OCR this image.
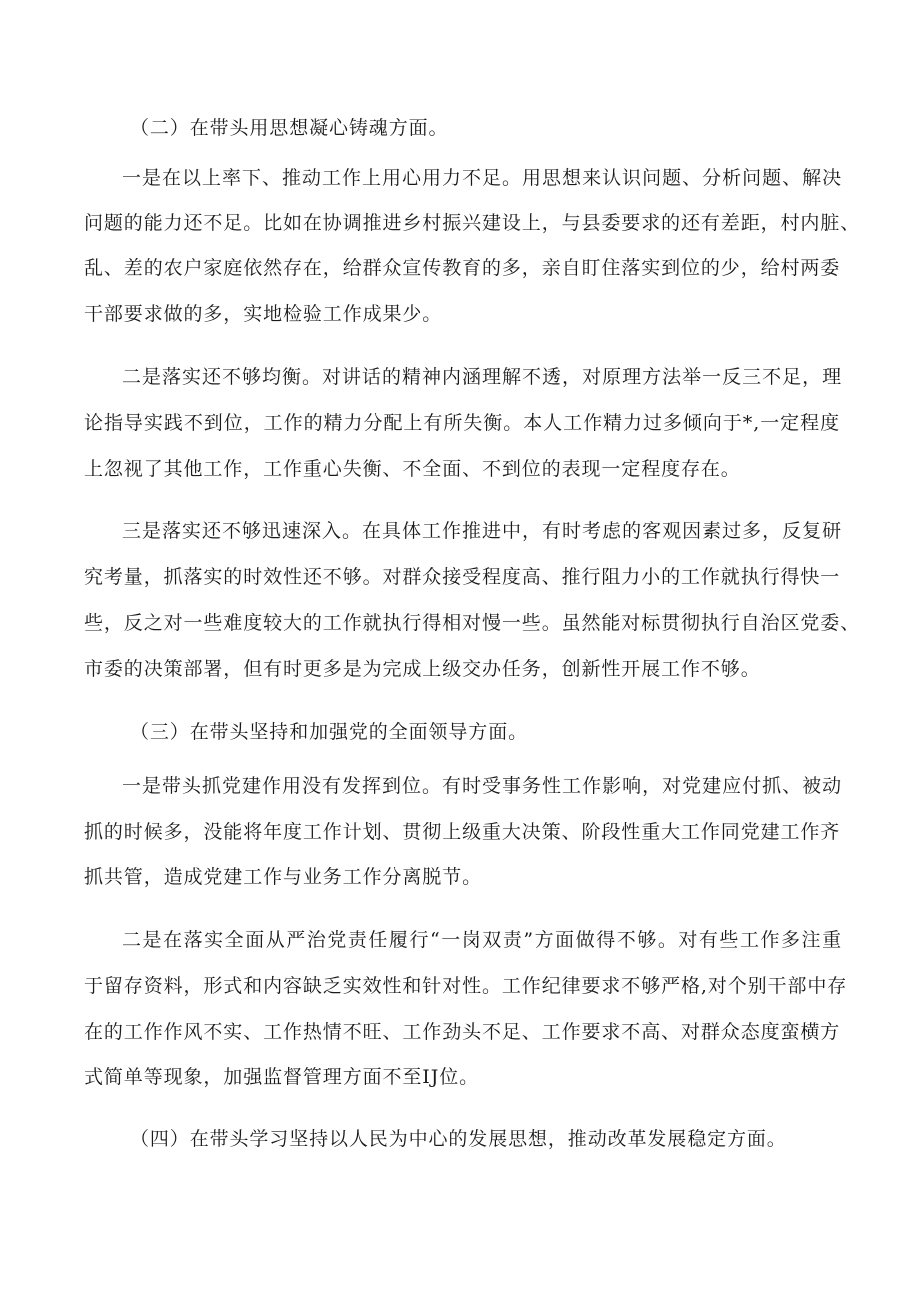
（二）在带头用思想凝心铸魂方面。
一是在以上率下、推动工作上用心用力不足。用思想来认识问题、分析问题、解决
问题的能力还不足。比如在协调推进乡村振兴建设上，与县委要求的还有差距，村内脏、
乱、差的农户家庭依然存在，给群众宣传教育的多，亲自盯住落实到位的少，给村两委
干部要求做的多，实地检验工作成果少。
二是落实还不够均衡。对讲话的精神内涵理解不透，对原理方法举一反三不足，理
论指导实践不到位，工作的精力分配上有所失衡。本人工作精力过多倾向于*,一定程度
上忽视了其他工作，工作重心失衡、不全面、不到位的表现一定程度存在。
三是落实还不够迅速深入。在具体工作推进中，有时考虑的客观因素过多，反复研
究考量，抓落实的时效性还不够。对群众接受程度高、推行阻力小的工作就执行得快一
些，反之对一些难度较大的工作就执行得相对慢一些。虽然能对标贯彻执行自治区党委、
市委的决策部署，但有时更多是为完成上级交办任务，创新性开展工作不够。
（三）在带头坚持和加强党的全面领导方面。
一是带头抓党建作用没有发挥到位。有时受事务性工作影响，对党建应付抓、被动
抓的时候多，没能将年度工作计划、贯彻上级重大决策、阶段性重大工作同党建工作齐
抓共管，造成党建工作与业务工作分离脱节。
二是在落实全面从严治党责任履行“一岗双责”方面做得不够。对有些工作多注重
于留存资料，形式和内容缺乏实效性和针对性。工作纪律要求不够严格,对个别干部中存
在的工作作风不实、工作热情不旺、工作劲头不足、工作要求不高、对群众态度蛮横方
式简单等现象，加强监督管理方面不至IJ位。
（四）在带头学习坚持以人民为中心的发展思想，推动改革发展稳定方面。
